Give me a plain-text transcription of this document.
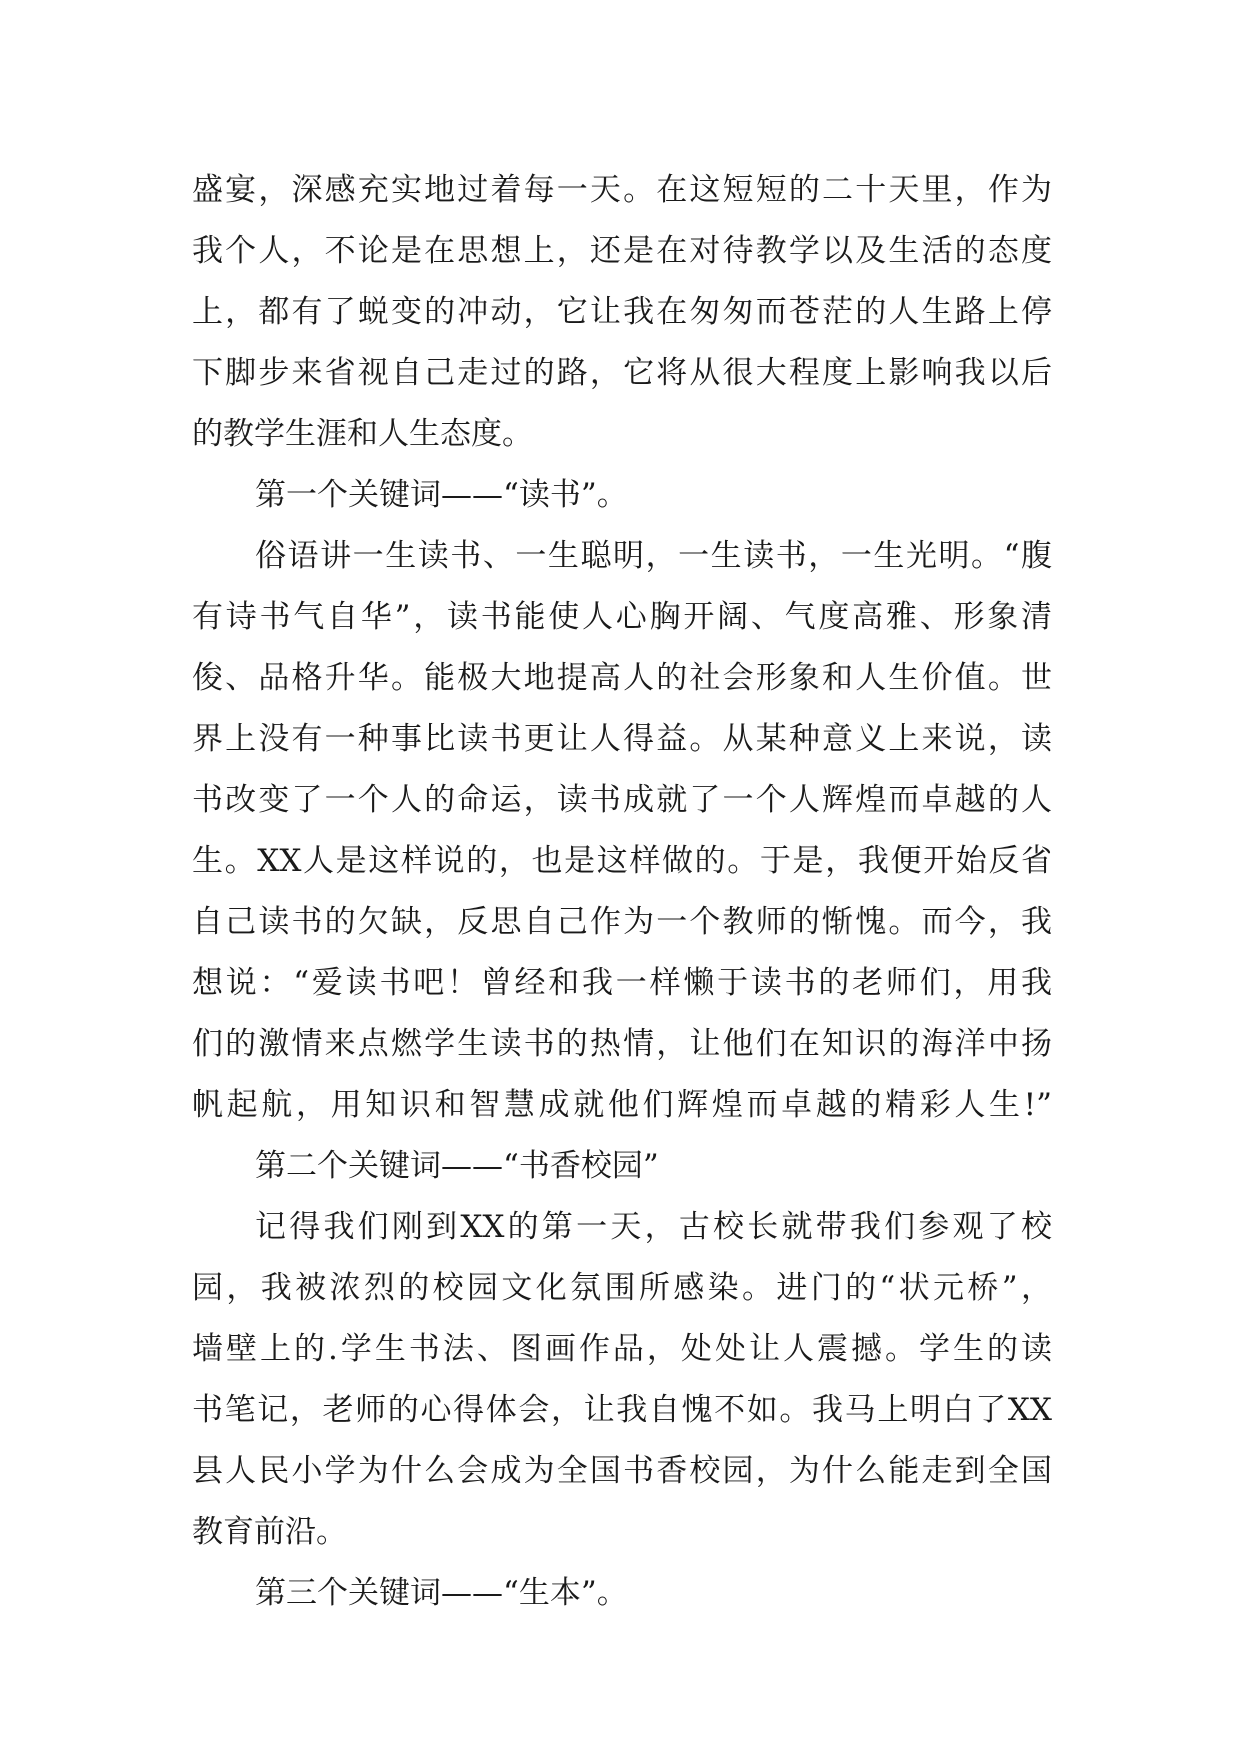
盛宴，深感充实地过着每一天。在这短短的二十天里，作为
我个人，不论是在思想上，还是在对待教学以及生活的态度
上，都有了蜕变的冲动，它让我在匆匆而苍茫的人生路上停
下脚步来省视自己走过的路，它将从很大程度上影响我以后
的教学生涯和人生态度。
第一个关键词——“读书”。
俗语讲一生读书、一生聪明，一生读书，一生光明。“腹
有诗书气自华”，读书能使人心胸开阔、气度高雅、形象清
俊、品格升华。能极大地提高人的社会形象和人生价值。世
界上没有一种事比读书更让人得益。从某种意义上来说，读
书改变了一个人的命运，读书成就了一个人辉煌而卓越的人
生。XX人是这样说的，也是这样做的。于是，我便开始反省
自己读书的欠缺，反思自己作为一个教师的惭愧。而今，我
想说：“爱读书吧！曾经和我一样懒于读书的老师们，用我
们的激情来点燃学生读书的热情，让他们在知识的海洋中扬
帆起航，用知识和智慧成就他们辉煌而卓越的精彩人生!”
第二个关键词——“书香校园”
记得我们刚到XX的第一天，古校长就带我们参观了校
园，我被浓烈的校园文化氛围所感染。进门的“状元桥”，
墙壁上的.学生书法、图画作品，处处让人震撼。学生的读
书笔记，老师的心得体会，让我自愧不如。我马上明白了XX
县人民小学为什么会成为全国书香校园，为什么能走到全国
教育前沿。
第三个关键词——“生本”。
